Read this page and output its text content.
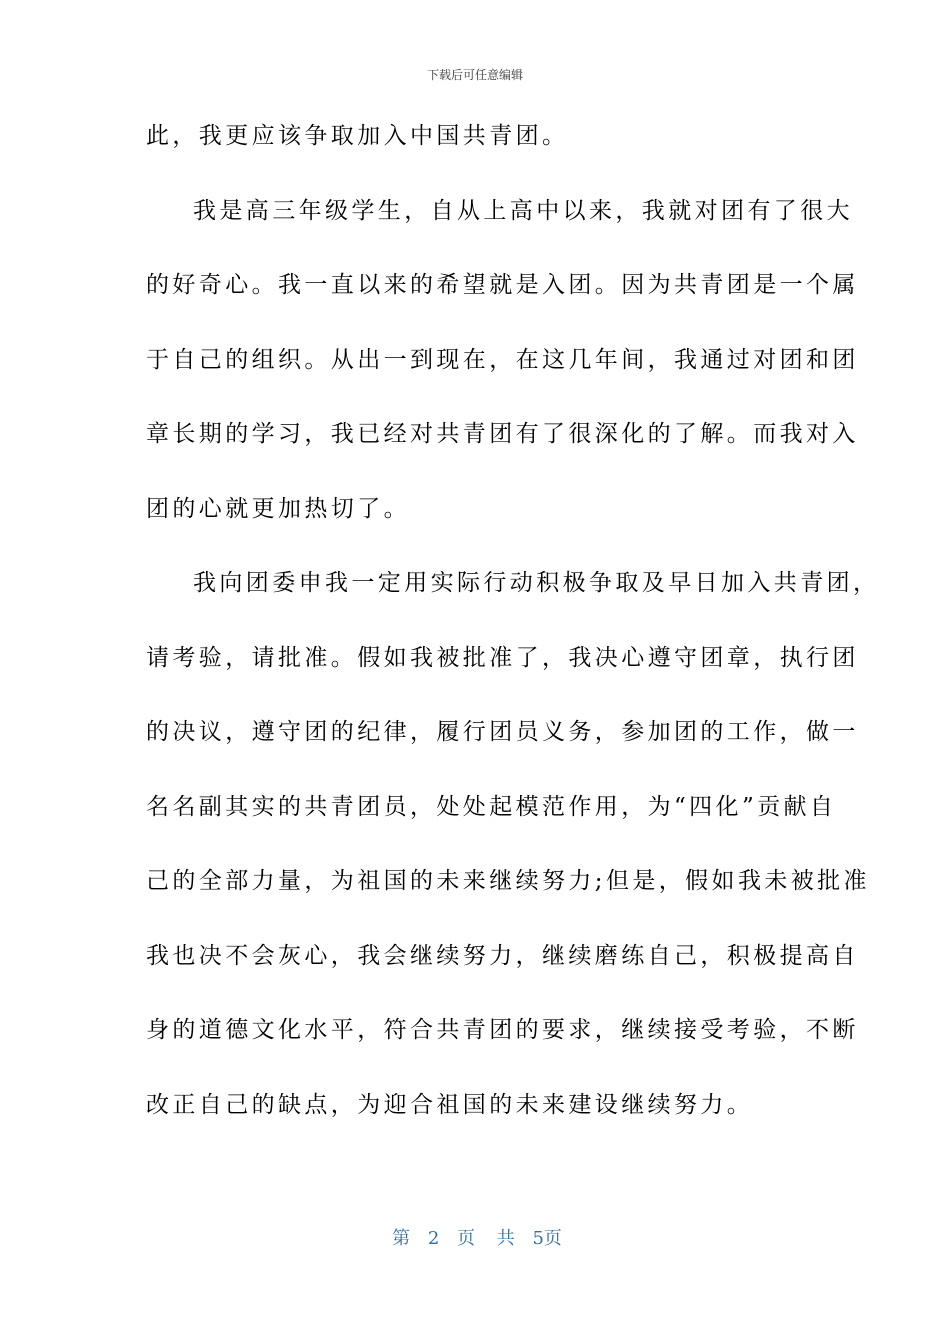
下载后可任意编辑
此，我更应该争取加入中国共青团。
我是高三年级学生，自从上高中以来，我就对团有了很大
的好奇心。我一直以来的希望就是入团。因为共青团是一个属
于自己的组织。从出一到现在，在这几年间，我通过对团和团
章长期的学习，我已经对共青团有了很深化的了解。而我对入
团的心就更加热切了。
我向团委申我一定用实际行动积极争取及早日加入共青团，
请考验，请批准。假如我被批准了，我决心遵守团章，执行团
的决议，遵守团的纪律，履行团员义务，参加团的工作，做一
名名副其实的共青团员，处处起模范作用，为“四化”贡献自
己的全部力量，为祖国的未来继续努力;但是，假如我未被批准
我也决不会灰心，我会继续努力，继续磨练自己，积极提高自
身的道德文化水平，符合共青团的要求，继续接受考验，不断
改正自己的缺点，为迎合祖国的未来建设继续努力。
第 2 页 共 5页
